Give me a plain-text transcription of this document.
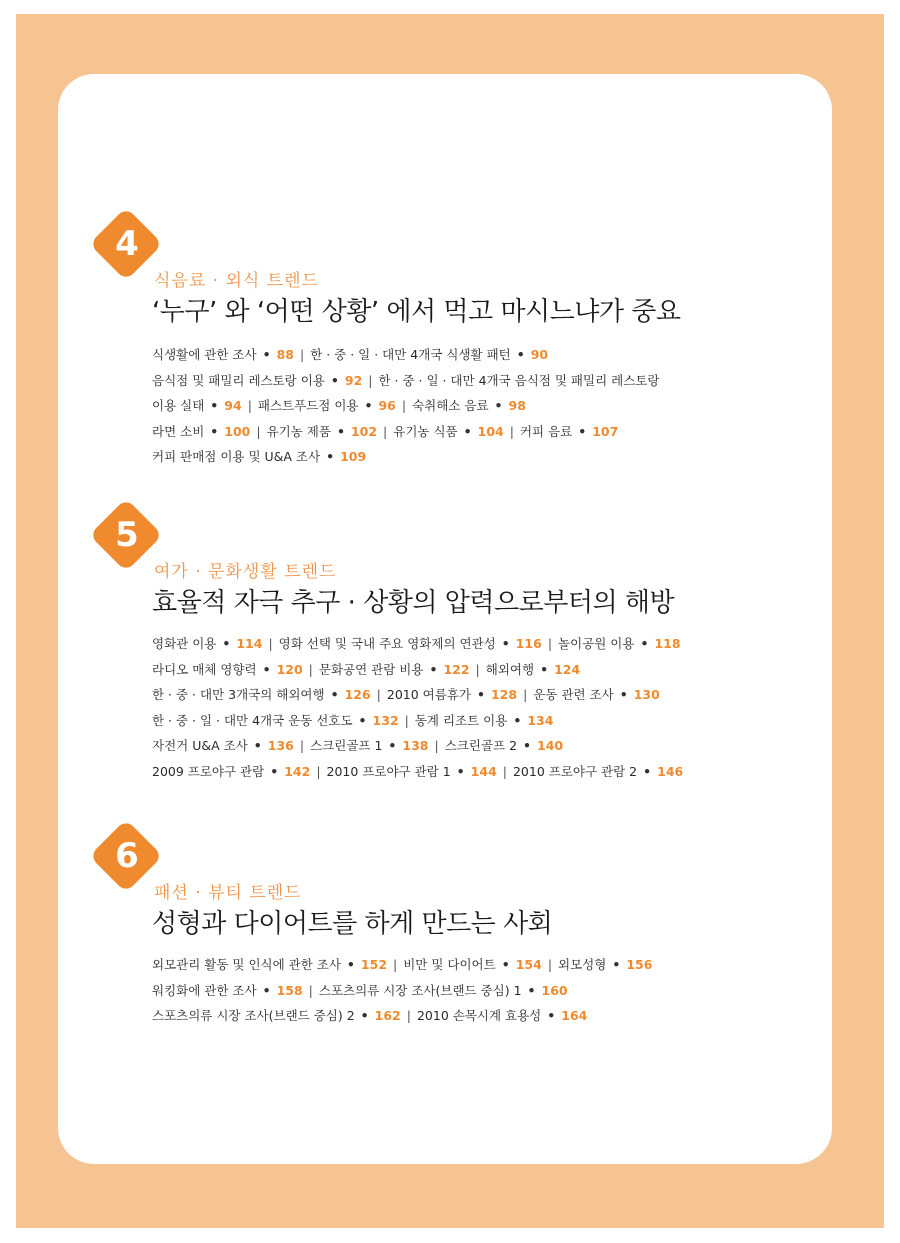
4
식음료 · 외식 트렌드
‘누구’ 와 ‘어떤 상황’ 에서 먹고 마시느냐가 중요
식생활에 관한 조사 • 88 | 한 · 중 · 일 · 대만 4개국 식생활 패턴 • 90
음식점 및 패밀리 레스토랑 이용 • 92 | 한 · 중 · 일 · 대만 4개국 음식점 및 패밀리 레스토랑
이용 실태 • 94 | 패스트푸드점 이용 • 96 | 숙취해소 음료 • 98
라면 소비 • 100 | 유기농 제품 • 102 | 유기농 식품 • 104 | 커피 음료 • 107
커피 판매점 이용 및 U&A 조사 • 109
5
여가 · 문화생활 트렌드
효율적 자극 추구 · 상황의 압력으로부터의 해방
영화관 이용 • 114 | 영화 선택 및 국내 주요 영화제의 연관성 • 116 | 놀이공원 이용 • 118
라디오 매체 영향력 • 120 | 문화공연 관람 비용 • 122 | 해외여행 • 124
한 · 중 · 대만 3개국의 해외여행 • 126 | 2010 여름휴가 • 128 | 운동 관련 조사 • 130
한 · 중 · 일 · 대만 4개국 운동 선호도 • 132 | 동계 리조트 이용 • 134
자전거 U&A 조사 • 136 | 스크린골프 1 • 138 | 스크린골프 2 • 140
2009 프로야구 관람 • 142 | 2010 프로야구 관람 1 • 144 | 2010 프로야구 관람 2 • 146
6
패션 · 뷰티 트렌드
성형과 다이어트를 하게 만드는 사회
외모관리 활동 및 인식에 관한 조사 • 152 | 비만 및 다이어트 • 154 | 외모성형 • 156
워킹화에 관한 조사 • 158 | 스포츠의류 시장 조사(브랜드 중심) 1 • 160
스포츠의류 시장 조사(브랜드 중심) 2 • 162 | 2010 손목시계 효용성 • 164
